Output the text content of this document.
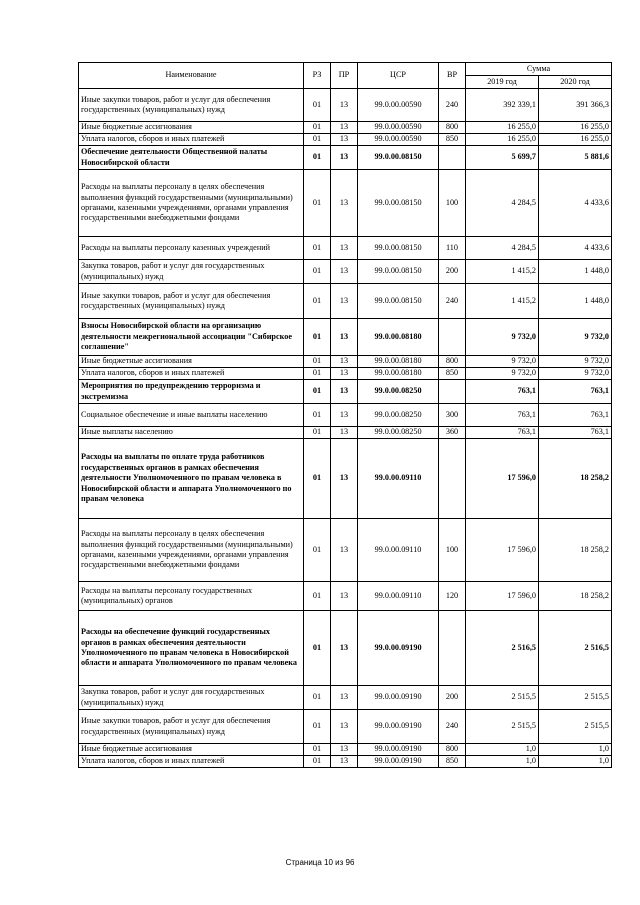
Наименование	РЗ	ПР	ЦСР	ВР	Сумма	
					2019 год	2020 год
Иные закупки товаров, работ и услуг для обеспечения государственных (муниципальных) нужд	01	13	99.0.00.00590	240	392 339,1	391 366,3
Иные бюджетные ассигнования	01	13	99.0.00.00590	800	16 255,0	16 255,0
Уплата налогов, сборов и иных платежей	01	13	99.0.00.00590	850	16 255,0	16 255,0
Обеспечение деятельности Общественной палаты Новосибирской области	01	13	99.0.00.08150		5 699,7	5 881,6
Расходы на выплаты персоналу в целях обеспечения выполнения функций государственными (муниципальными) органами, казенными учреждениями, органами управления государственными внебюджетными фондами	01	13	99.0.00.08150	100	4 284,5	4 433,6
Расходы на выплаты персоналу казенных учреждений	01	13	99.0.00.08150	110	4 284,5	4 433,6
Закупка товаров, работ и услуг для государственных (муниципальных) нужд	01	13	99.0.00.08150	200	1 415,2	1 448,0
Иные закупки товаров, работ и услуг для обеспечения государственных (муниципальных) нужд	01	13	99.0.00.08150	240	1 415,2	1 448,0
Взносы Новосибирской области на организацию деятельности межрегиональной ассоциации "Сибирское соглашение"	01	13	99.0.00.08180		9 732,0	9 732,0
Иные бюджетные ассигнования	01	13	99.0.00.08180	800	9 732,0	9 732,0
Уплата налогов, сборов и иных платежей	01	13	99.0.00.08180	850	9 732,0	9 732,0
Мероприятия по предупреждению терроризма и экстремизма	01	13	99.0.00.08250		763,1	763,1
Социальное обеспечение и иные выплаты населению	01	13	99.0.00.08250	300	763,1	763,1
Иные выплаты населению	01	13	99.0.00.08250	360	763,1	763,1
Расходы на выплаты по оплате труда работников государственных органов в рамках обеспечения деятельности Уполномоченного по правам человека в Новосибирской области и аппарата Уполномоченного по правам человека	01	13	99.0.00.09110		17 596,0	18 258,2
Расходы на выплаты персоналу в целях обеспечения выполнения функций государственными (муниципальными) органами, казенными учреждениями, органами управления государственными внебюджетными фондами	01	13	99.0.00.09110	100	17 596,0	18 258,2
Расходы на выплаты персоналу государственных (муниципальных) органов	01	13	99.0.00.09110	120	17 596,0	18 258,2
Расходы на обеспечение функций государственных органов в рамках обеспечения деятельности Уполномоченного по правам человека в Новосибирской области и аппарата Уполномоченного по правам человека	01	13	99.0.00.09190		2 516,5	2 516,5
Закупка товаров, работ и услуг для государственных (муниципальных) нужд	01	13	99.0.00.09190	200	2 515,5	2 515,5
Иные закупки товаров, работ и услуг для обеспечения государственных (муниципальных) нужд	01	13	99.0.00.09190	240	2 515,5	2 515,5
Иные бюджетные ассигнования	01	13	99.0.00.09190	800	1,0	1,0
Уплата налогов, сборов и иных платежей	01	13	99.0.00.09190	850	1,0	1,0
Страница 10 из 96
